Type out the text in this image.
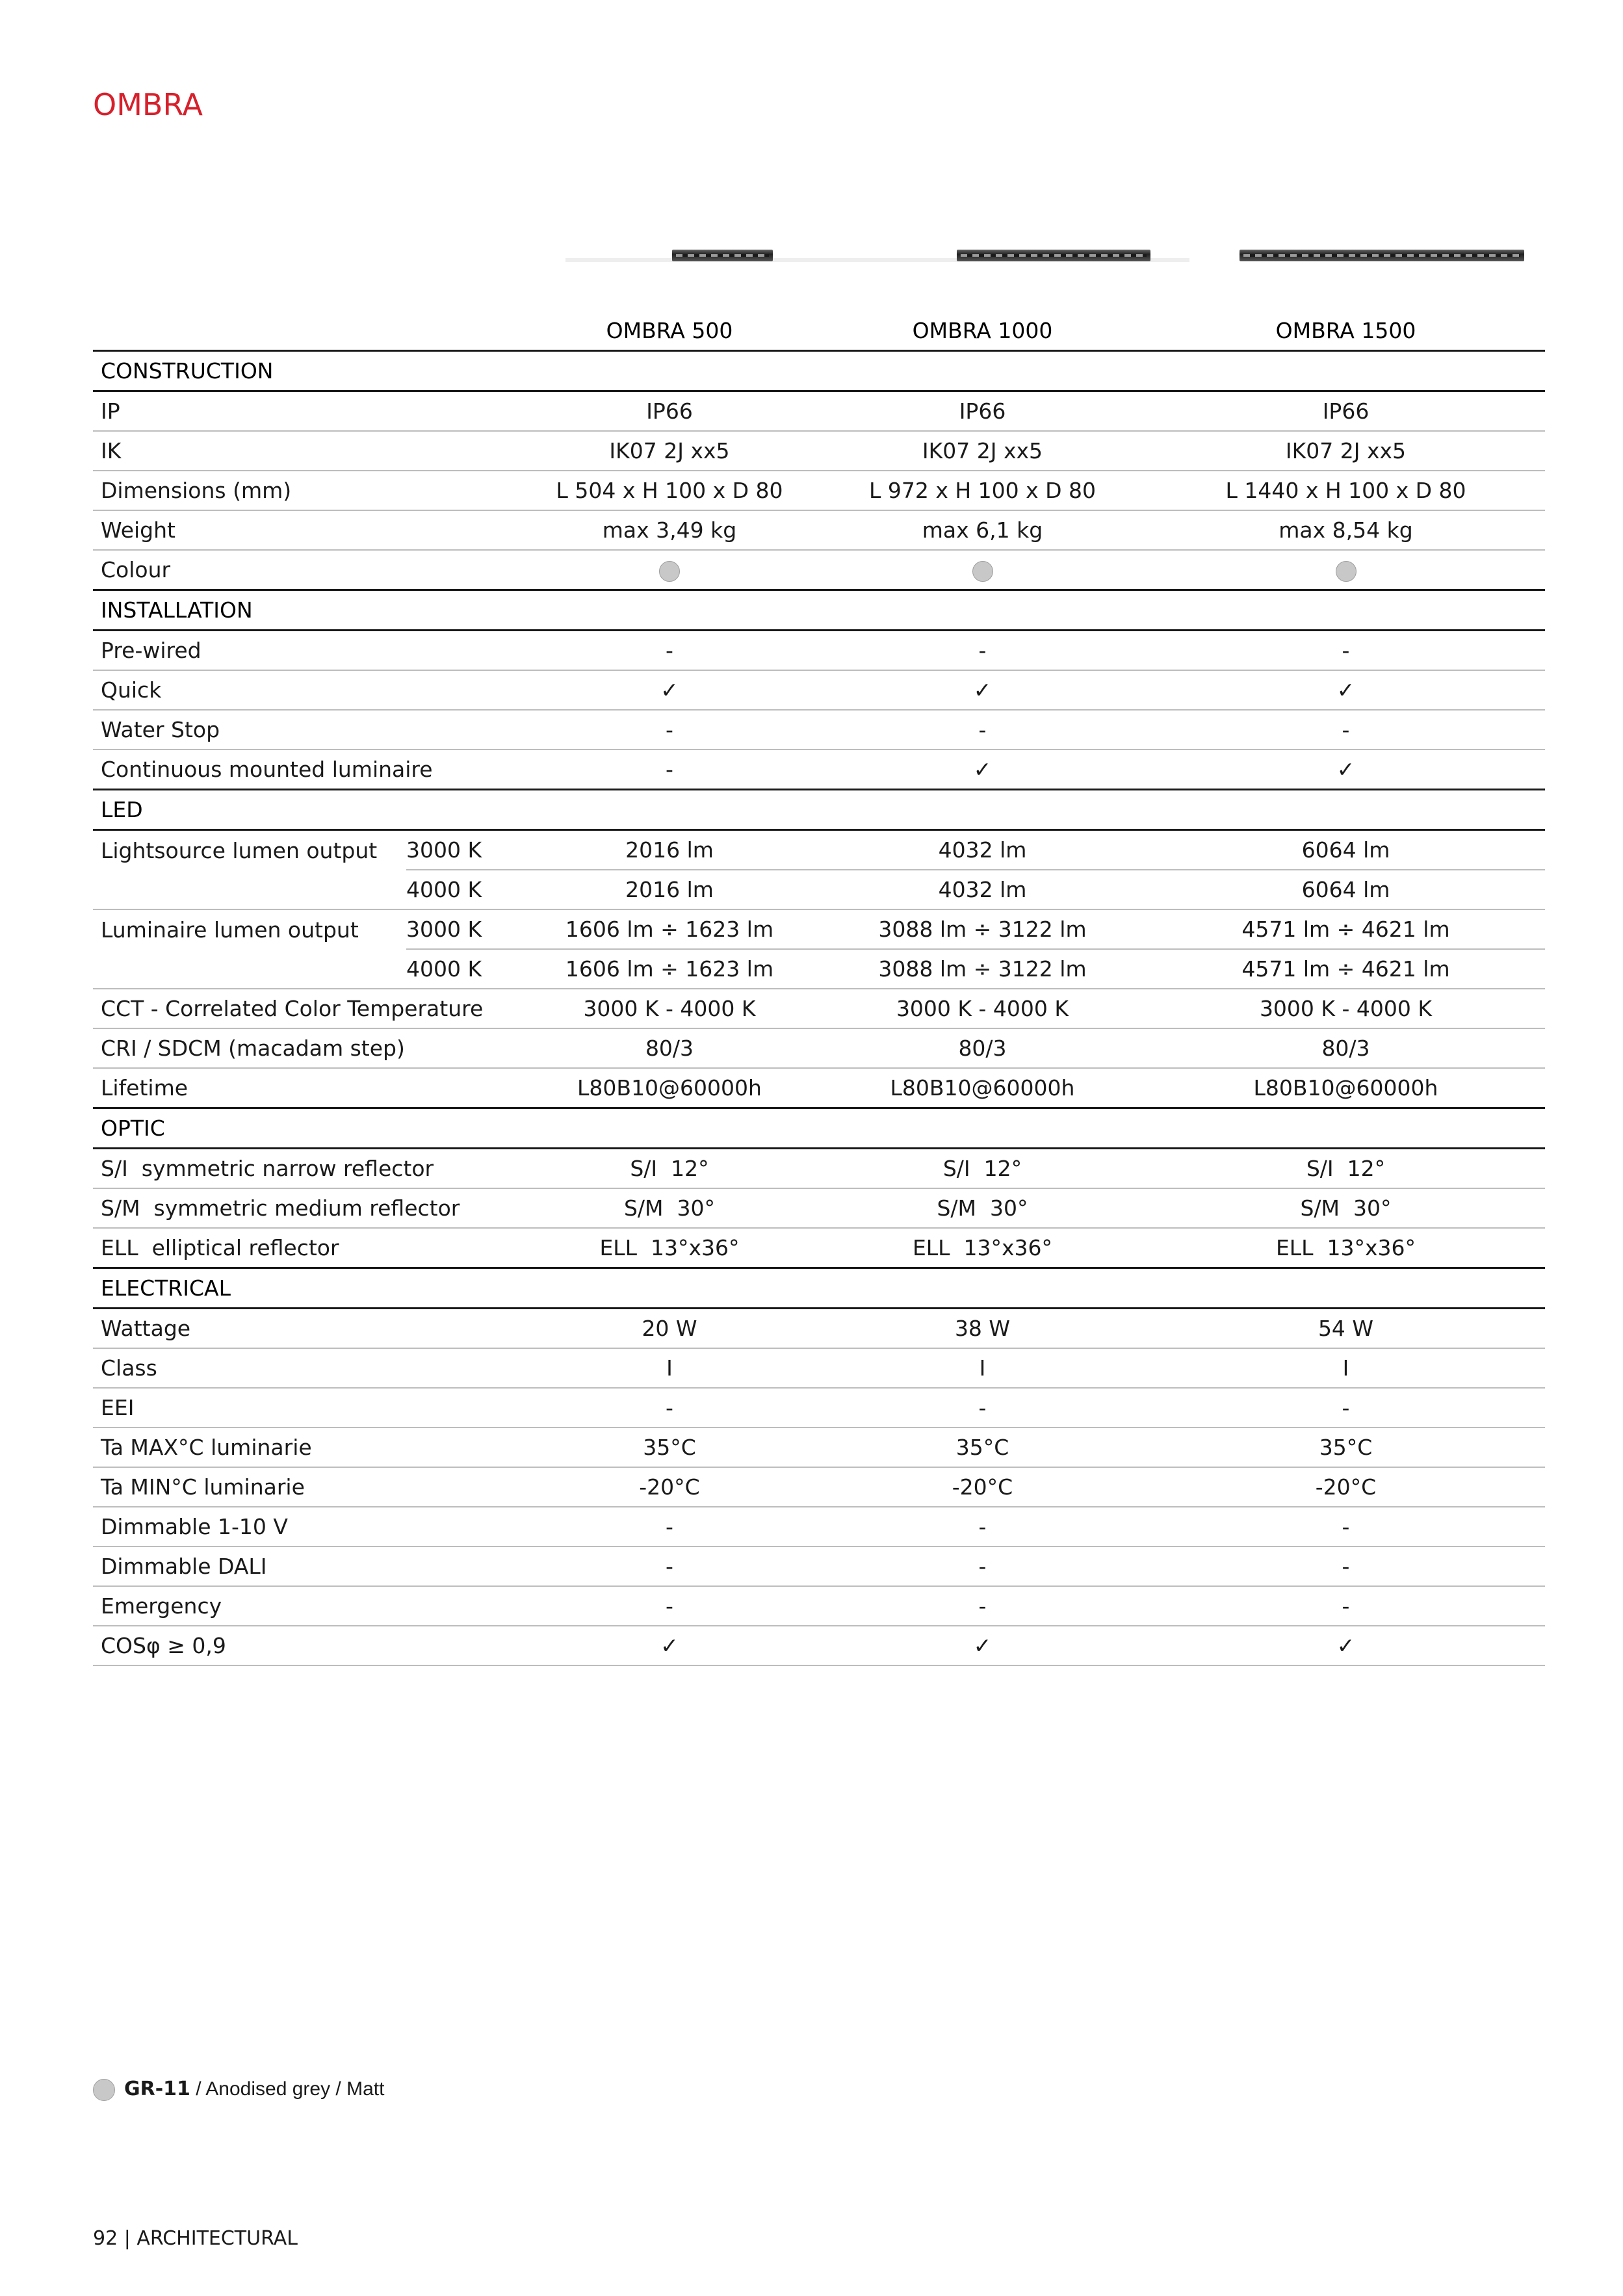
OMBRA
		OMBRA 500	OMBRA 1000	OMBRA 1500
CONSTRUCTION				
IP		IP66	IP66	IP66
IK		IK07 2J xx5	IK07 2J xx5	IK07 2J xx5
Dimensions (mm)		L 504 x H 100 x D 80	L 972 x H 100 x D 80	L 1440 x H 100 x D 80
Weight		max 3,49 kg	max 6,1 kg	max 8,54 kg
Colour				
INSTALLATION				
Pre-wired		-	-	-
Quick		✓	✓	✓
Water Stop		-	-	-
Continuous mounted luminaire		-	✓	✓
LED				
Lightsource lumen output	3000 K	2016 lm	4032 lm	6064 lm
	4000 K	2016 lm	4032 lm	6064 lm
Luminaire lumen output	3000 K	1606 lm ÷ 1623 lm	3088 lm ÷ 3122 lm	4571 lm ÷ 4621 lm
	4000 K	1606 lm ÷ 1623 lm	3088 lm ÷ 3122 lm	4571 lm ÷ 4621 lm
CCT - Correlated Color Temperature		3000 K - 4000 K	3000 K - 4000 K	3000 K - 4000 K
CRI / SDCM (macadam step)		80/3	80/3	80/3
Lifetime		L80B10@60000h	L80B10@60000h	L80B10@60000h
OPTIC				
S/I  symmetric narrow reflector		S/I  12°	S/I  12°	S/I  12°
S/M  symmetric medium reflector		S/M  30°	S/M  30°	S/M  30°
ELL  elliptical reflector		ELL  13°x36°	ELL  13°x36°	ELL  13°x36°
ELECTRICAL				
Wattage		20 W	38 W	54 W
Class		I	I	I
EEI		-	-	-
Ta MAX°C luminarie		35°C	35°C	35°C
Ta MIN°C luminarie		-20°C	-20°C	-20°C
Dimmable 1-10 V		-	-	-
Dimmable DALI		-	-	-
Emergency		-	-	-
COSφ ≥ 0,9		✓	✓	✓
GR-11 / Anodised grey / Matt
92 | ARCHITECTURAL
